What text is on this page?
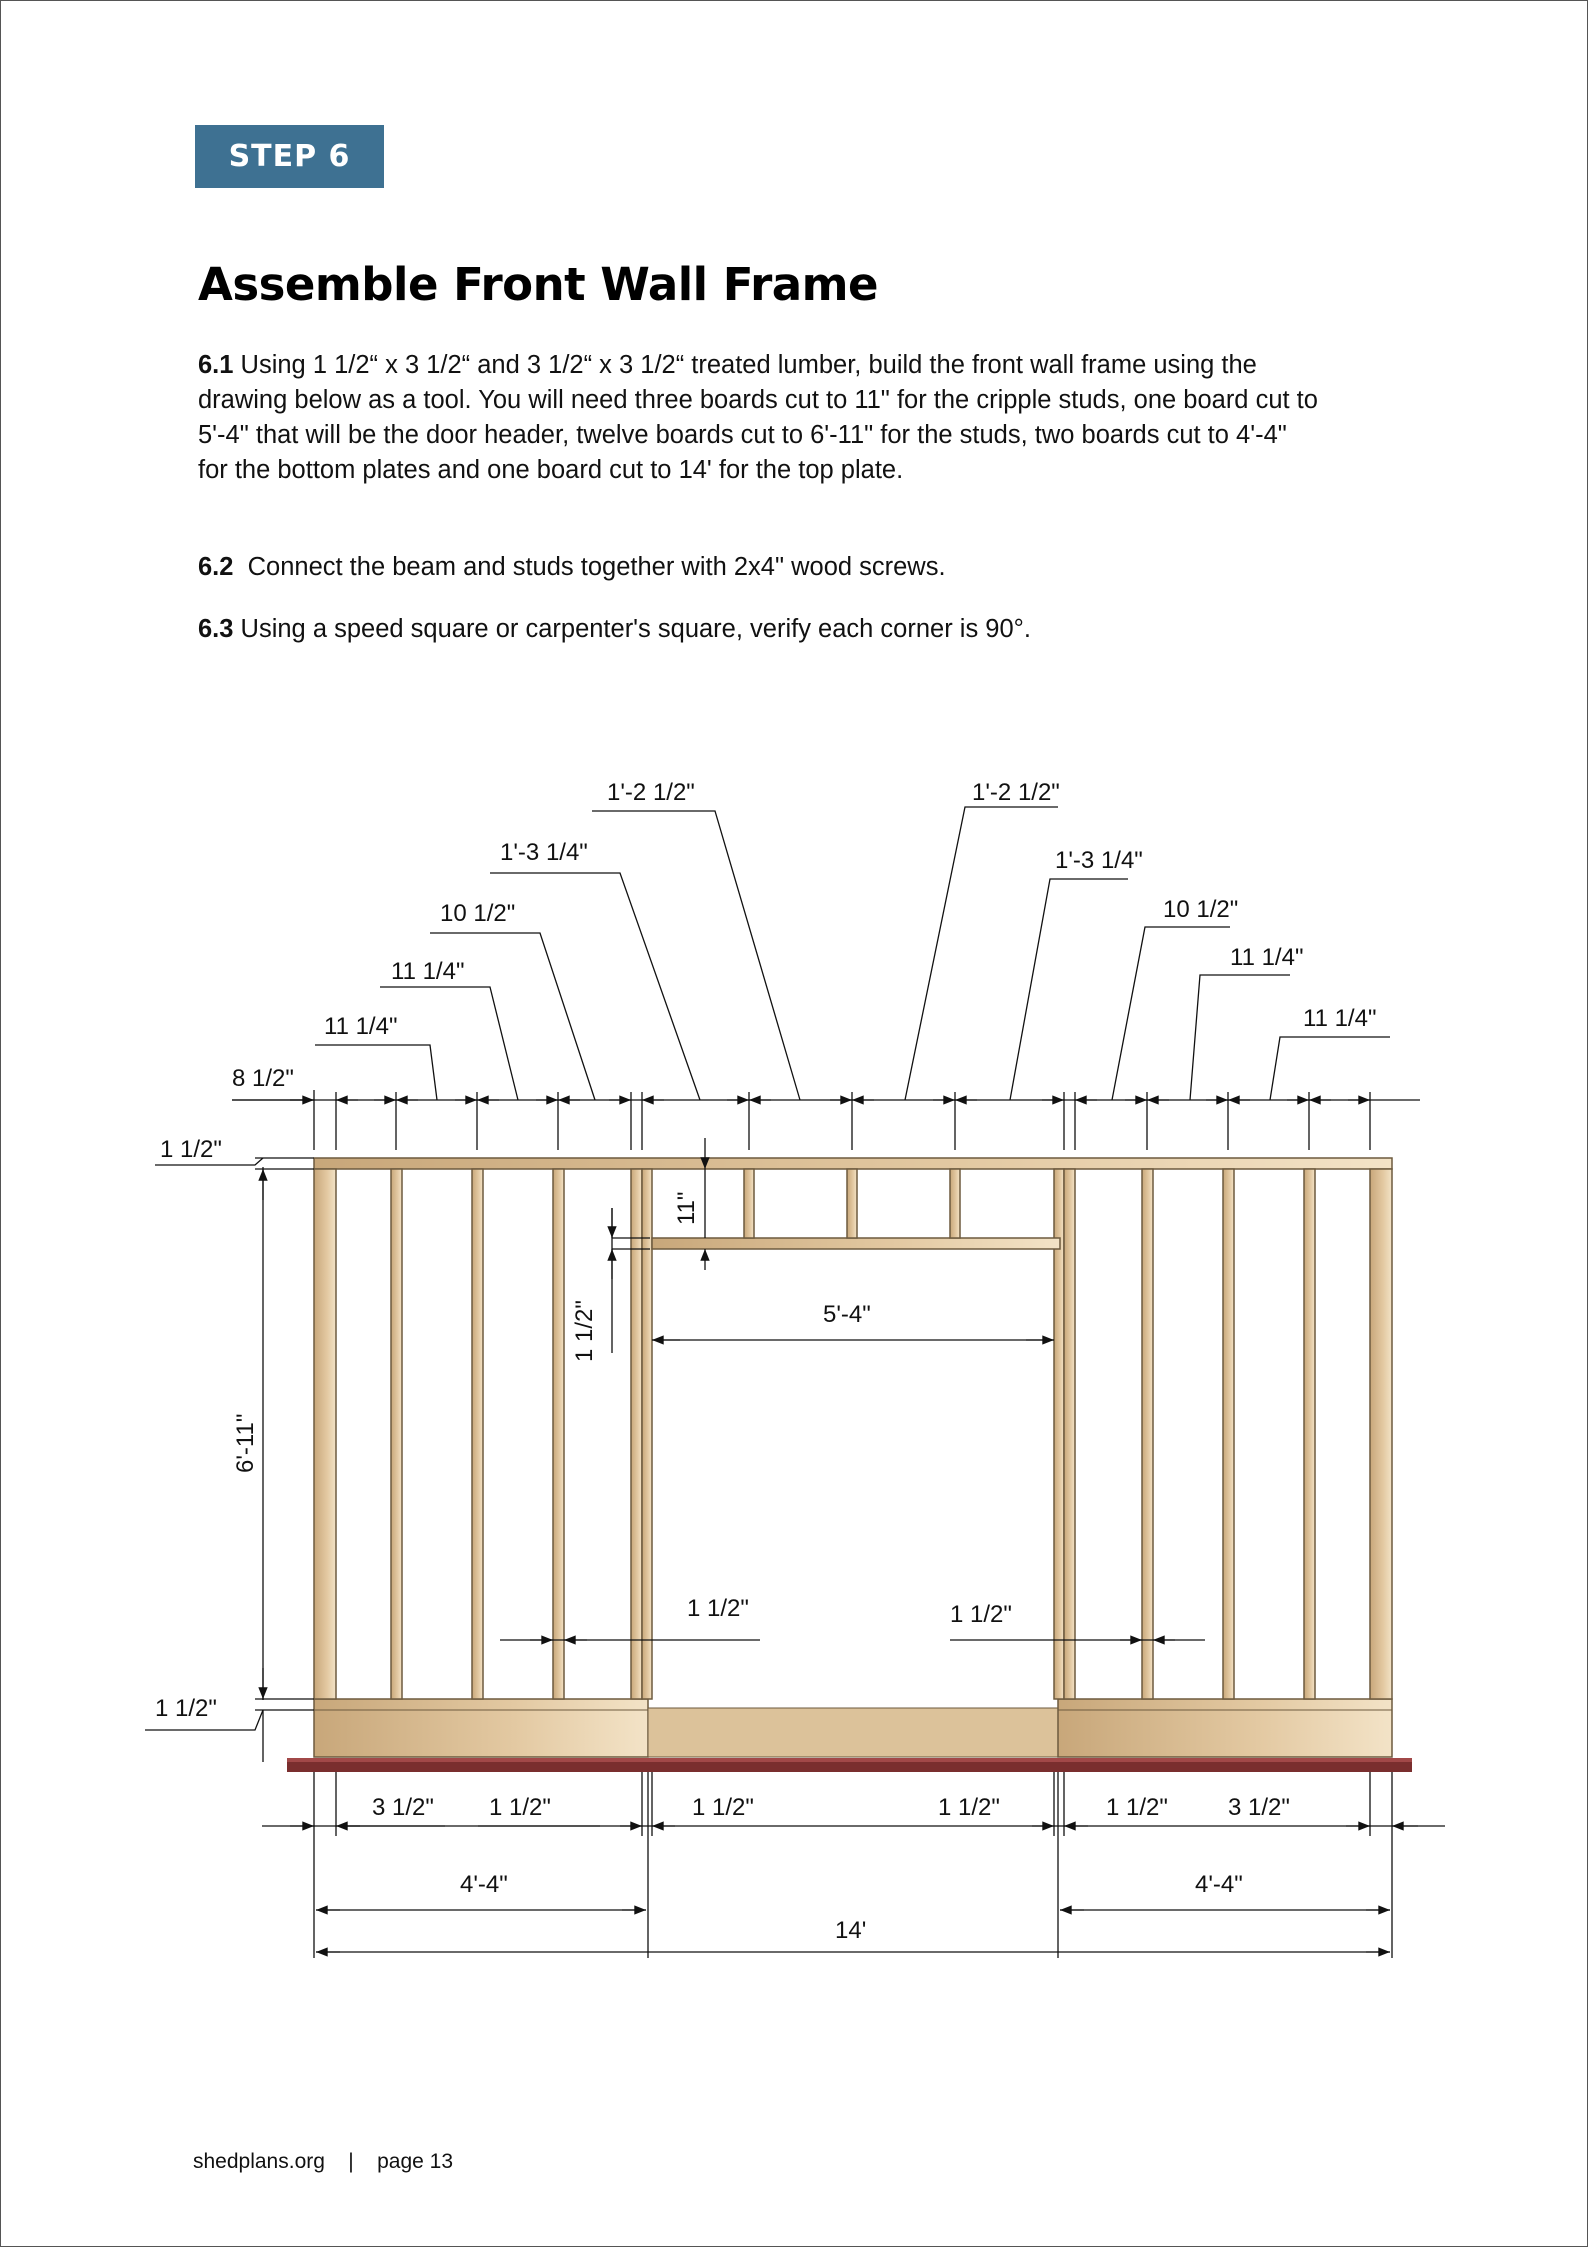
STEP 6
Assemble Front Wall Frame
6.1 Using 1 1/2“ x 3 1/2“ and 3 1/2“ x 3 1/2“ treated lumber, build the front wall frame using the drawing below as a tool. You will need three boards cut to 11" for the cripple studs, one board cut to 5'-4" that will be the door header, twelve boards cut to 6'-11" for the studs, two boards cut to 4'-4" for the bottom plates and one board cut to 14' for the top plate.
6.2  Connect the beam and studs together with 2x4" wood screws.
6.3 Using a speed square or carpenter's square, verify each corner is 90°.
1'-2 1/2"	1'-2 1/2"
1'-3 1/4"	1'-3 1/4"
10 1/2"	10 1/2"
11 1/4"
11 1/4"
11 1/4"	11 1/4"
8 1/2"
1 1/2"
1 1/2"
6'-11"
11"
1 1/2"	5'-4"
1 1/2"	1 1/2"
3 1/2" 1 1/2"	1 1/2"	1 1/2"	1 1/2"	3 1/2"
4'-4"	4'-4"
14'
shedplans.org | page 13
